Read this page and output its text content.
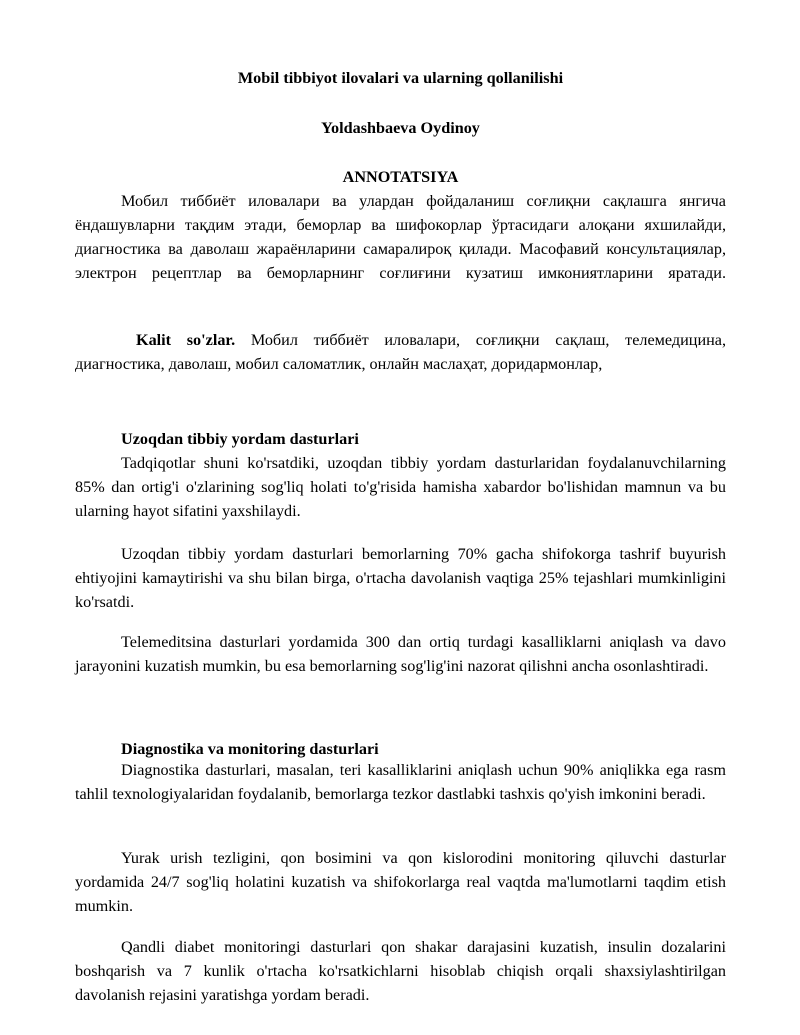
Mobil tibbiyot ilovalari va ularning qollanilishi
Yoldashbaeva Oydinoy
ANNOTATSIYA
Мобил тиббиёт иловалари ва улардан фойдаланиш соғлиқни сақлашга янгича ёндашувларни тақдим этади, беморлар ва шифокорлар ўртасидаги алоқани яхшилайди, диагностика ва даволаш жараёнларини самаралироқ қилади. Масофавий консультациялар, электрон рецептлар ва беморларнинг соғлиғини кузатиш имкониятларини яратади.
Kalit so'zlar. Мобил тиббиёт иловалари, соғлиқни сақлаш, телемедицина, диагностика, даволаш, мобил саломатлик, онлайн маслаҳат, доридармонлар,
Uzoqdan tibbiy yordam dasturlari
Tadqiqotlar shuni ko'rsatdiki, uzoqdan tibbiy yordam dasturlaridan foydalanuvchilarning 85% dan ortig'i o'zlarining sog'liq holati to'g'risida hamisha xabardor bo'lishidan mamnun va bu ularning hayot sifatini yaxshilaydi.
Uzoqdan tibbiy yordam dasturlari bemorlarning 70% gacha shifokorga tashrif buyurish ehtiyojini kamaytirishi va shu bilan birga, o'rtacha davolanish vaqtiga 25% tejashlari mumkinligini ko'rsatdi.
Telemeditsina dasturlari yordamida 300 dan ortiq turdagi kasalliklarni aniqlash va davo jarayonini kuzatish mumkin, bu esa bemorlarning sog'lig'ini nazorat qilishni ancha osonlashtiradi.
Diagnostika va monitoring dasturlari
Diagnostika dasturlari, masalan, teri kasalliklarini aniqlash uchun 90% aniqlikka ega rasm tahlil texnologiyalaridan foydalanib, bemorlarga tezkor dastlabki tashxis qo'yish imkonini beradi.
Yurak urish tezligini, qon bosimini va qon kislorodini monitoring qiluvchi dasturlar yordamida 24/7 sog'liq holatini kuzatish va shifokorlarga real vaqtda ma'lumotlarni taqdim etish mumkin.
Qandli diabet monitoringi dasturlari qon shakar darajasini kuzatish, insulin dozalarini boshqarish va 7 kunlik o'rtacha ko'rsatkichlarni hisoblab chiqish orqali shaxsiylashtirilgan davolanish rejasini yaratishga yordam beradi.
